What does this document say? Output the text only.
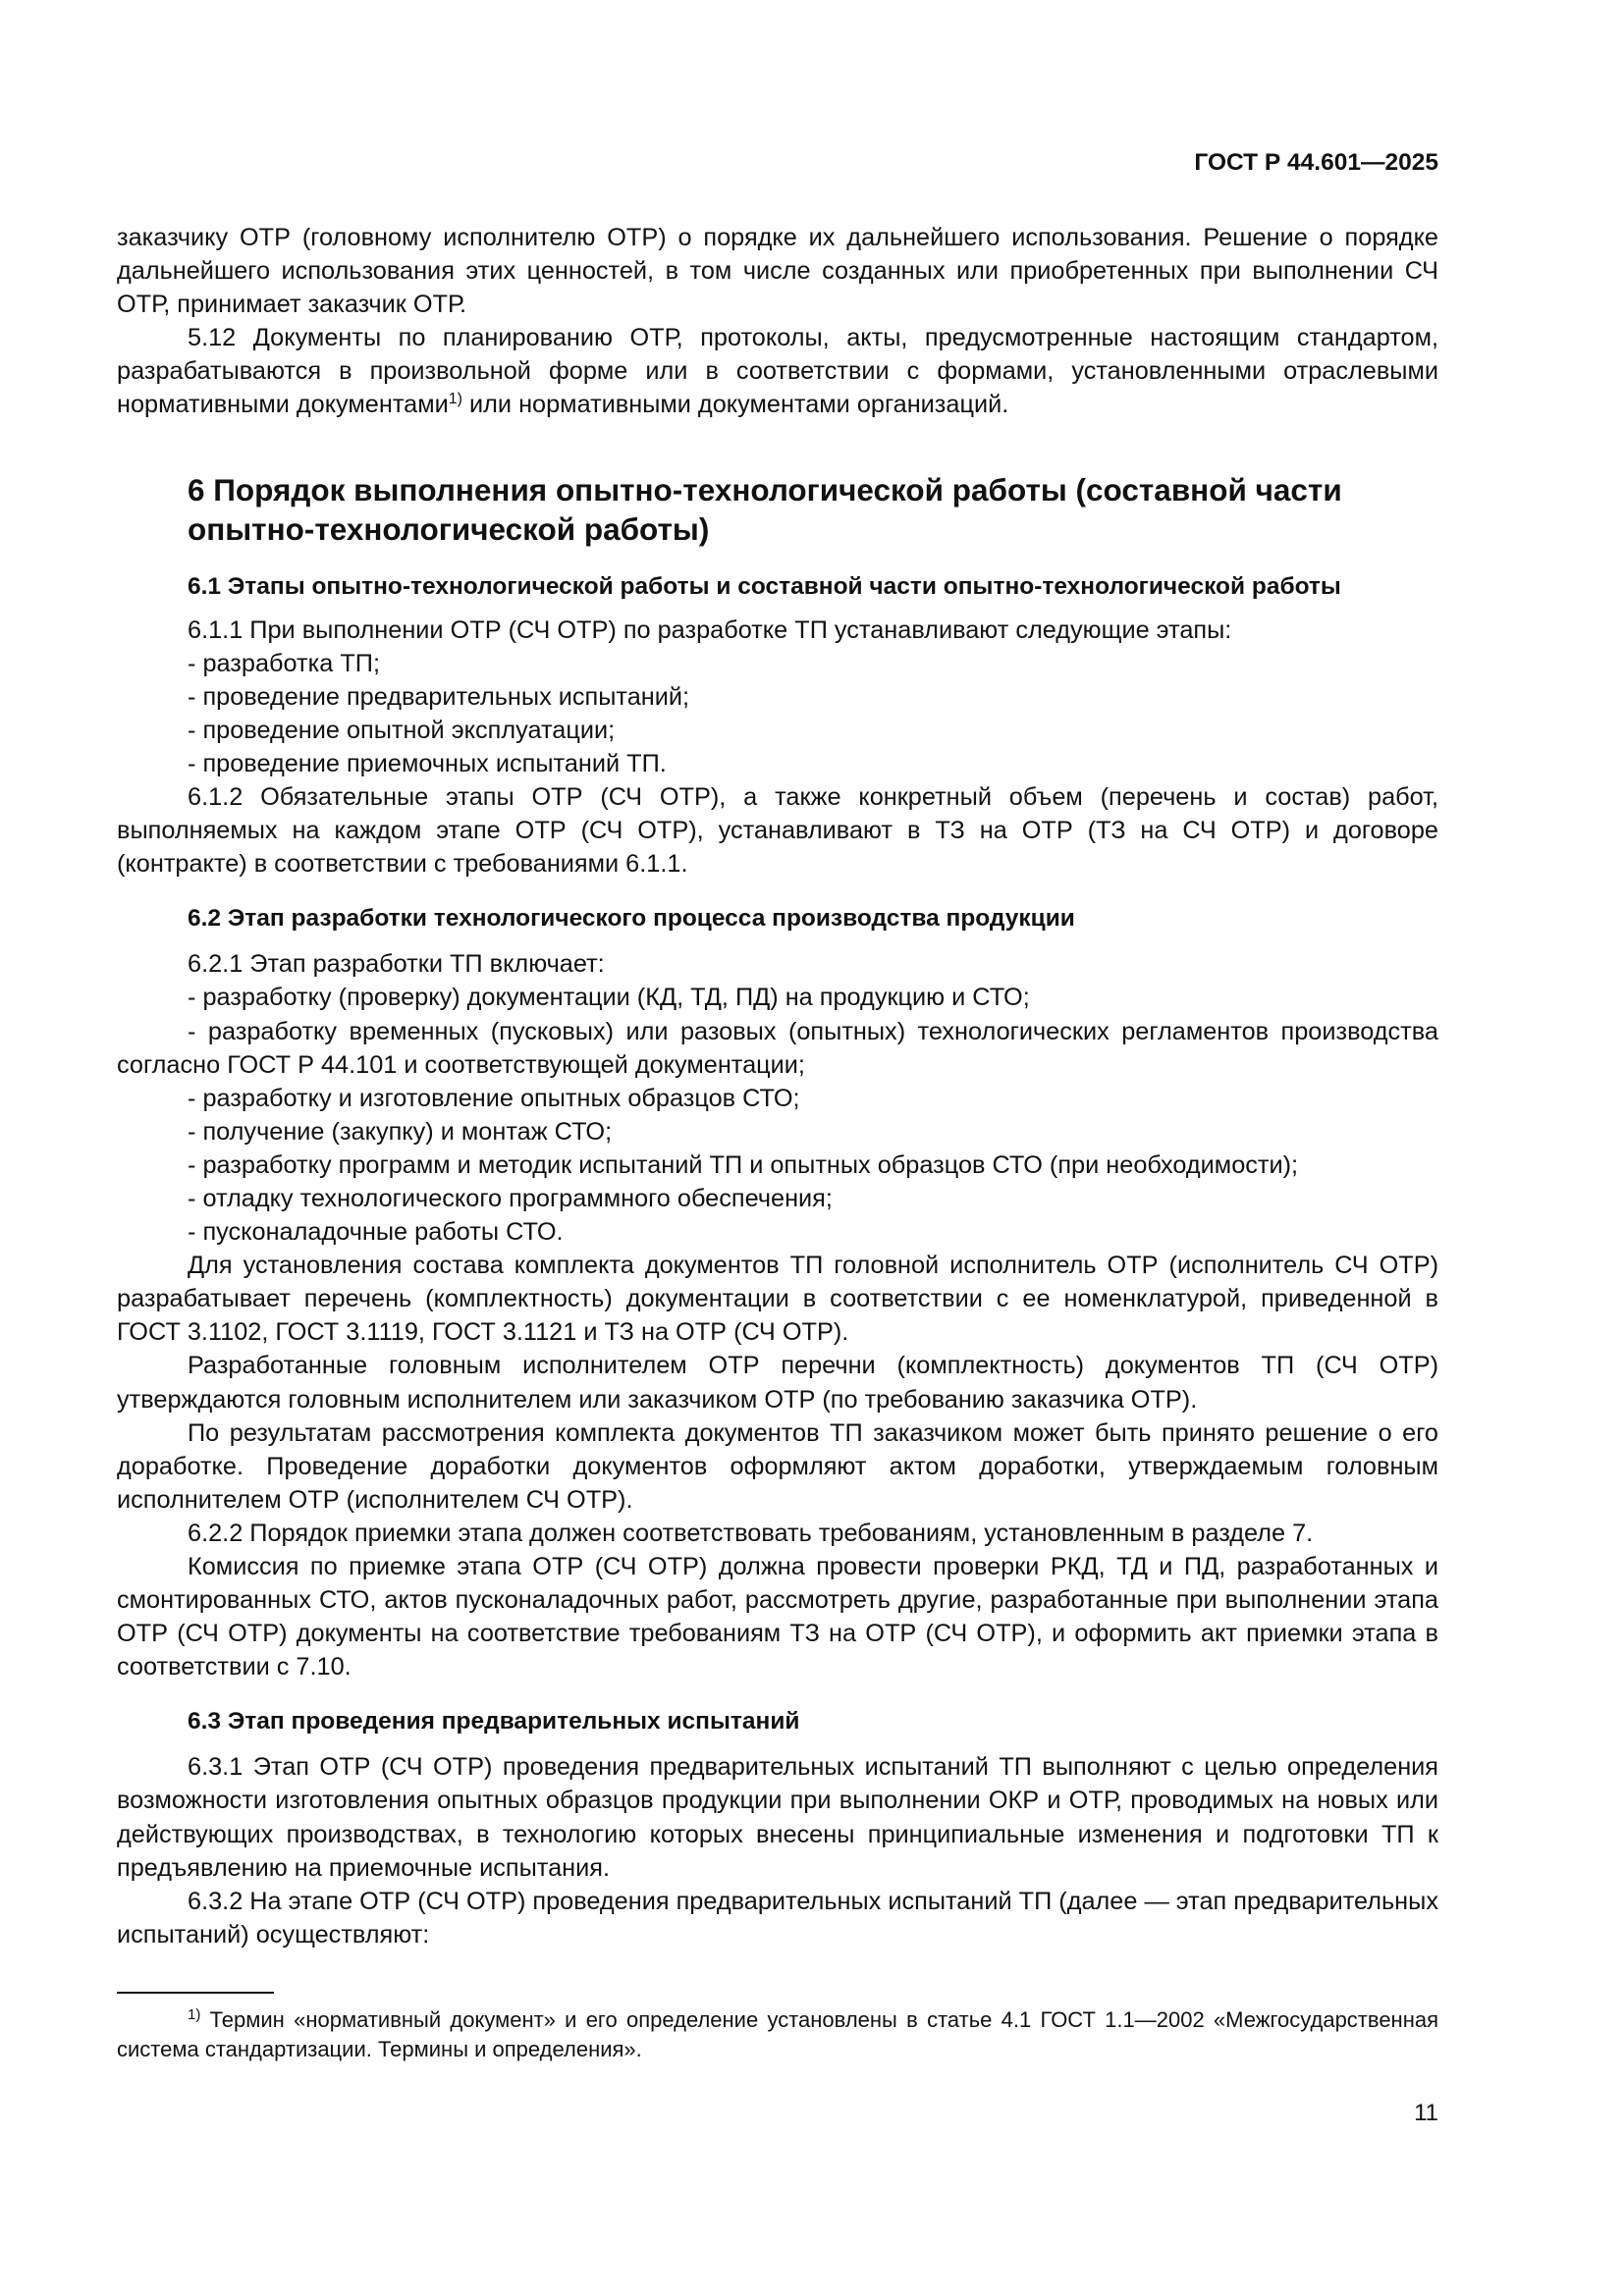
ГОСТ Р 44.601—2025

заказчику ОТР (головному исполнителю ОТР) о порядке их дальнейшего использования. Решение о порядке дальнейшего использования этих ценностей, в том числе созданных или приобретенных при выполнении СЧ ОТР, принимает заказчик ОТР.

5.12 Документы по планированию ОТР, протоколы, акты, предусмотренные настоящим стандартом, разрабатываются в произвольной форме или в соответствии с формами, установленными отраслевыми нормативными документами$^{1)}$ или нормативными документами организаций.

6 Порядок выполнения опытно-технологической работы (составной части опытно-технологической работы)
6.1 Этапы опытно-технологической работы и составной части опытно-технологической работы

6.1.1 При выполнении ОТР (СЧ ОТР) по разработке ТП устанавливают следующие этапы:

- разработка ТП;

- проведение предварительных испытаний;

- проведение опытной эксплуатации;

- проведение приемочных испытаний ТП.

6.1.2 Обязательные этапы ОТР (СЧ ОТР), а также конкретный объем (перечень и состав) работ, выполняемых на каждом этапе ОТР (СЧ ОТР), устанавливают в ТЗ на ОТР (ТЗ на СЧ ОТР) и договоре (контракте) в соответствии с требованиями 6.1.1.

6.2 Этап разработки технологического процесса производства продукции

6.2.1 Этап разработки ТП включает:

- разработку (проверку) документации (КД, ТД, ПД) на продукцию и СТО;

- разработку временных (пусковых) или разовых (опытных) технологических регламентов производства согласно ГОСТ Р 44.101 и соответствующей документации;

- разработку и изготовление опытных образцов СТО;

- получение (закупку) и монтаж СТО;

- разработку программ и методик испытаний ТП и опытных образцов СТО (при необходимости);

- отладку технологического программного обеспечения;

- пусконаладочные работы СТО.

Для установления состава комплекта документов ТП головной исполнитель ОТР (исполнитель СЧ ОТР) разрабатывает перечень (комплектность) документации в соответствии с ее номенклатурой, приведенной в ГОСТ 3.1102, ГОСТ 3.1119, ГОСТ 3.1121 и ТЗ на ОТР (СЧ ОТР).

Разработанные головным исполнителем ОТР перечни (комплектность) документов ТП (СЧ ОТР) утверждаются головным исполнителем или заказчиком ОТР (по требованию заказчика ОТР).

По результатам рассмотрения комплекта документов ТП заказчиком может быть принято решение о его доработке. Проведение доработки документов оформляют актом доработки, утверждаемым головным исполнителем ОТР (исполнителем СЧ ОТР).

6.2.2 Порядок приемки этапа должен соответствовать требованиям, установленным в разделе 7.

Комиссия по приемке этапа ОТР (СЧ ОТР) должна провести проверки РКД, ТД и ПД, разработанных и смонтированных СТО, актов пусконаладочных работ, рассмотреть другие, разработанные при выполнении этапа ОТР (СЧ ОТР) документы на соответствие требованиям ТЗ на ОТР (СЧ ОТР), и оформить акт приемки этапа в соответствии с 7.10.

6.3 Этап проведения предварительных испытаний

6.3.1 Этап ОТР (СЧ ОТР) проведения предварительных испытаний ТП выполняют с целью определения возможности изготовления опытных образцов продукции при выполнении ОКР и ОТР, проводимых на новых или действующих производствах, в технологию которых внесены принципиальные изменения и подготовки ТП к предъявлению на приемочные испытания.

6.3.2 На этапе ОТР (СЧ ОТР) проведения предварительных испытаний ТП (далее — этап предварительных испытаний) осуществляют:

$^{1)}$ Термин «нормативный документ» и его определение установлены в статье 4.1 ГОСТ 1.1—2002 «Межгосударственная система стандартизации. Термины и определения».
11
